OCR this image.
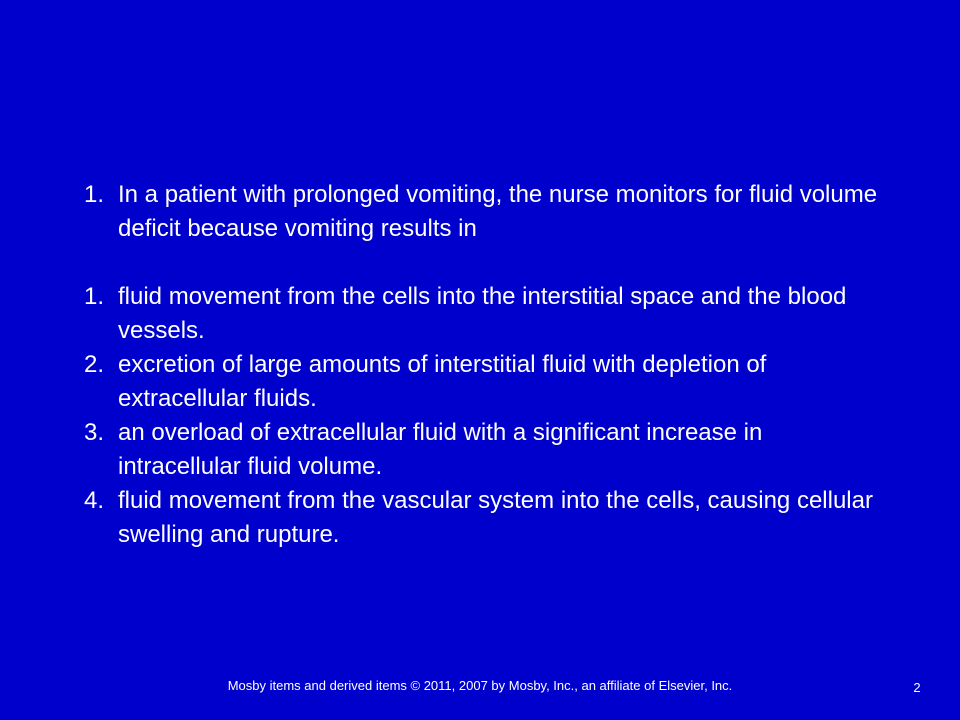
1. In a patient with prolonged vomiting, the nurse monitors for fluid volume deficit because vomiting results in
1. fluid movement from the cells into the interstitial space and the blood vessels.
2. excretion of large amounts of interstitial fluid with depletion of extracellular fluids.
3. an overload of extracellular fluid with a significant increase in intracellular fluid volume.
4. fluid movement from the vascular system into the cells, causing cellular swelling and rupture.
Mosby items and derived items © 2011, 2007 by Mosby, Inc., an affiliate of Elsevier, Inc.	2
